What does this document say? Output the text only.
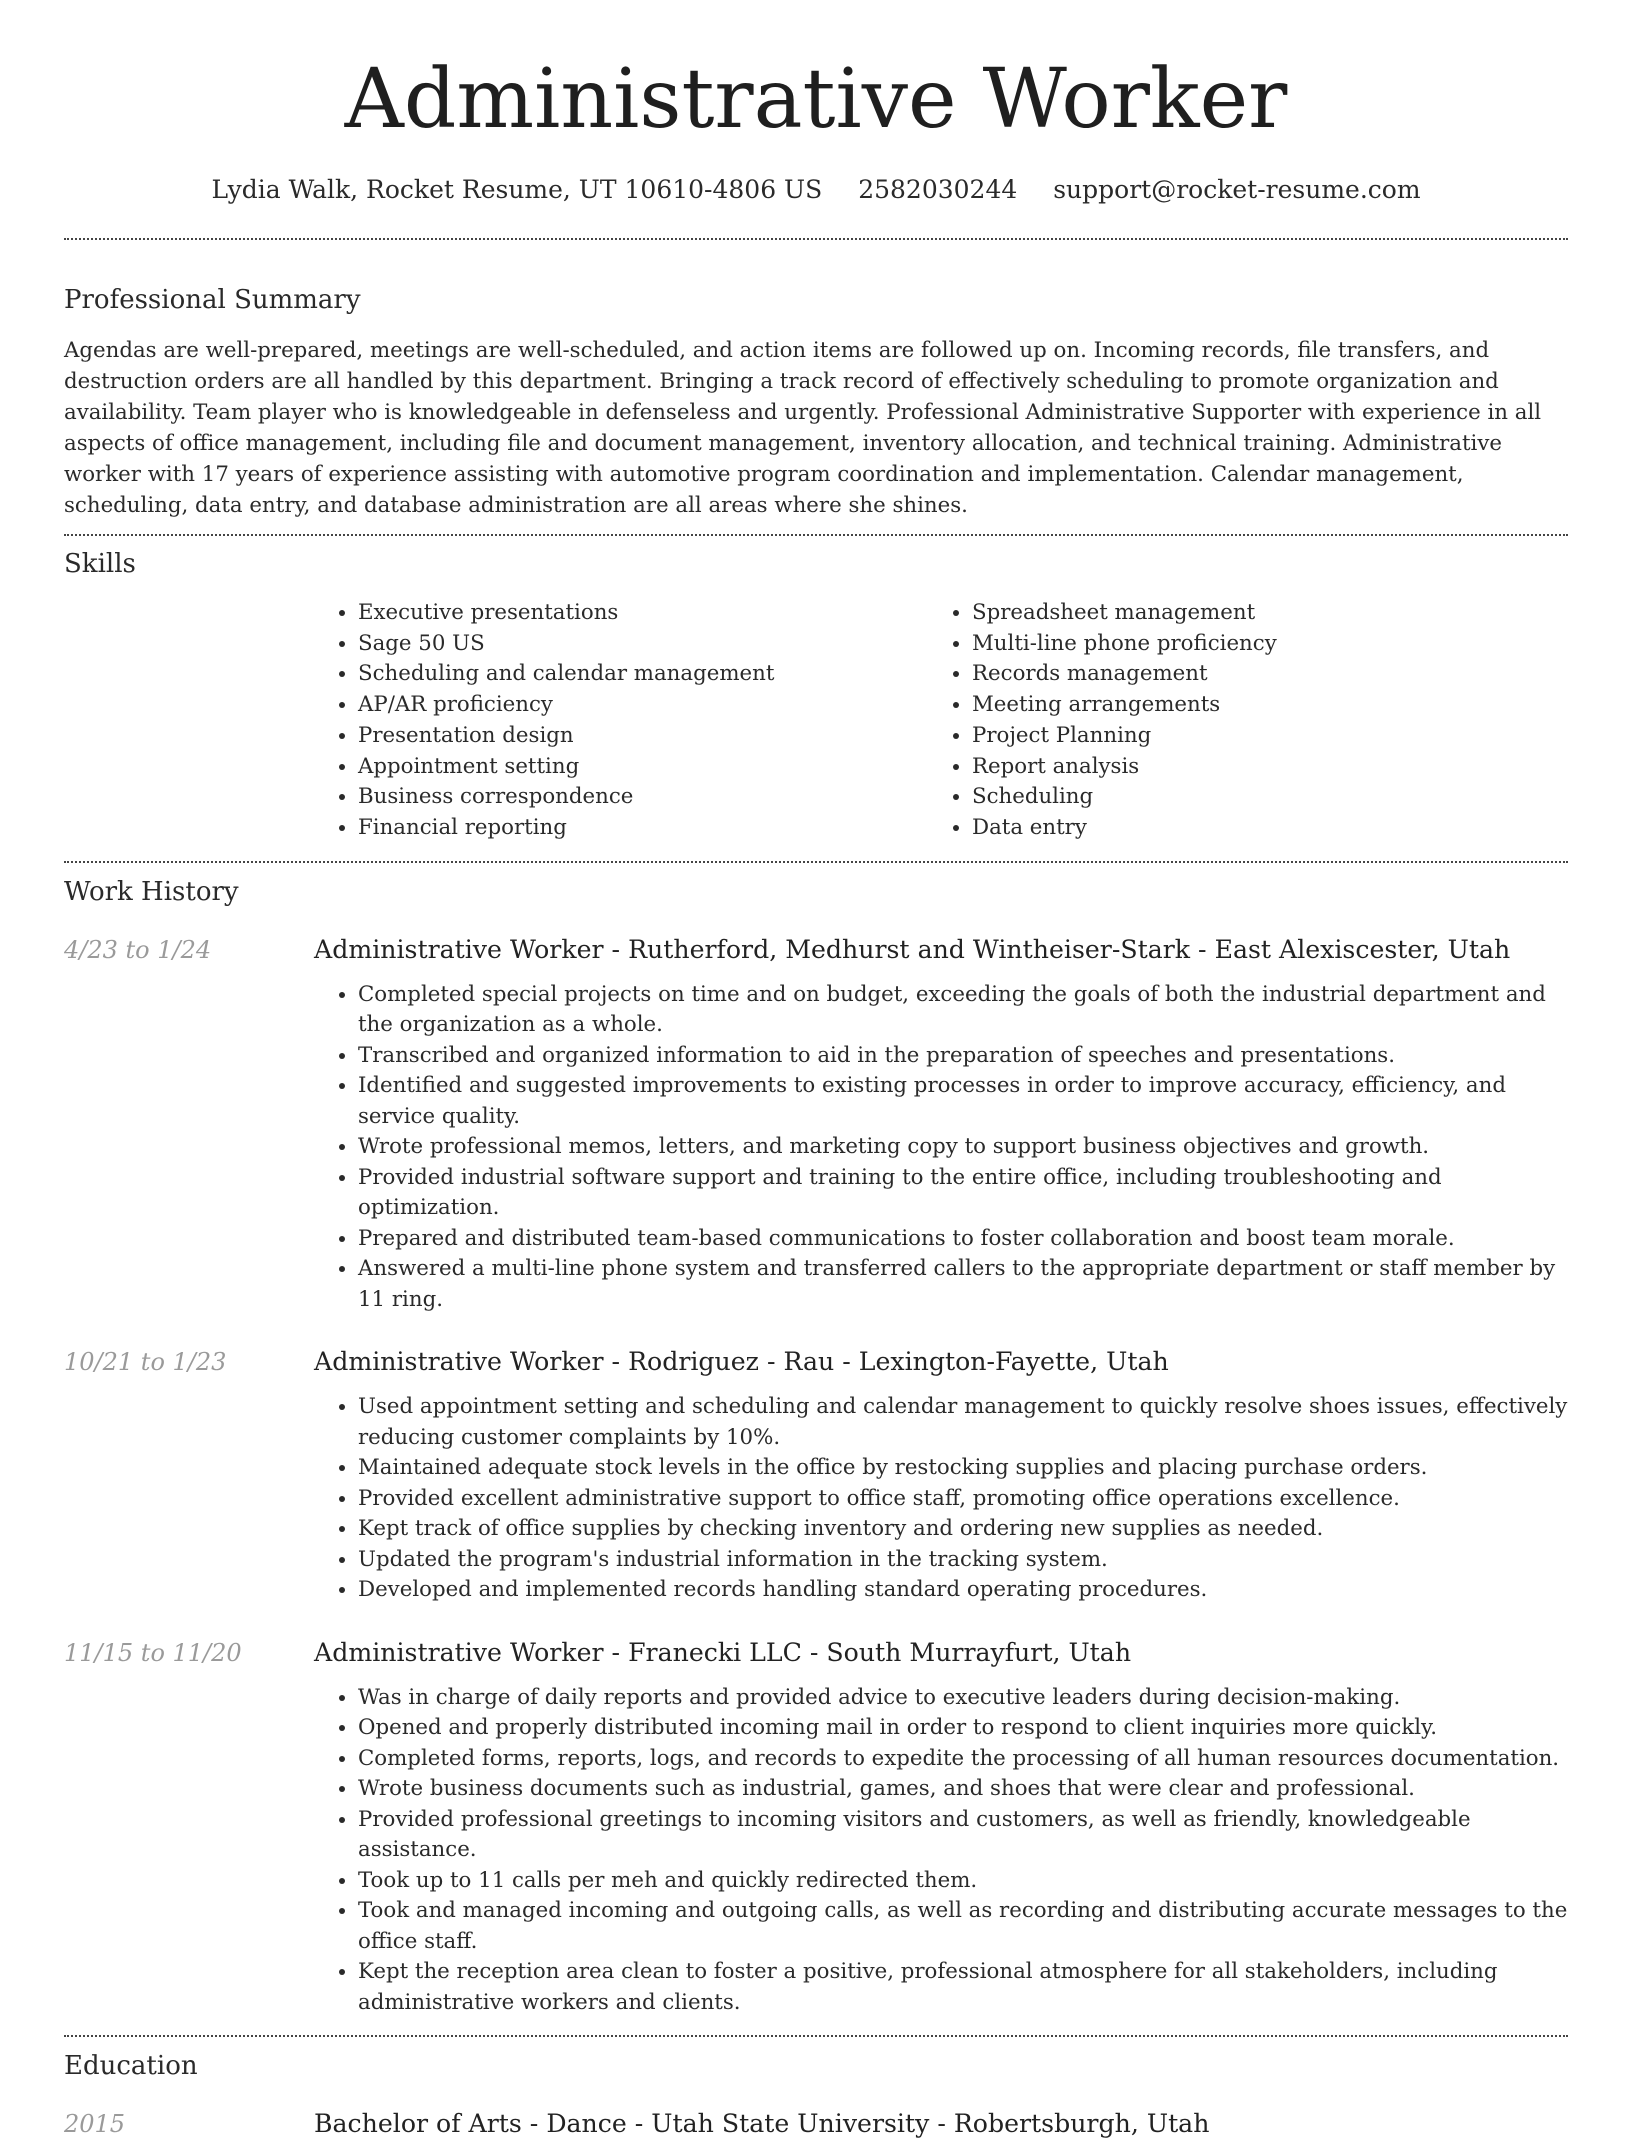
Administrative Worker
Lydia Walk, Rocket Resume, UT 10610-4806 US 2582030244 support@rocket-resume.com
Professional Summary

Agendas are well-prepared, meetings are well-scheduled, and action items are followed up on. Incoming records, file transfers, and destruction orders are all handled by this department. Bringing a track record of effectively scheduling to promote organization and availability. Team player who is knowledgeable in defenseless and urgently. Professional Administrative Supporter with experience in all aspects of office management, including file and document management, inventory allocation, and technical training. Administrative worker with 17 years of experience assisting with automotive program coordination and implementation. Calendar management, scheduling, data entry, and database administration are all areas where she shines.

Skills
• Executive presentations
• Sage 50 US
• Scheduling and calendar management
• AP/AR proficiency
• Presentation design
• Appointment setting
• Business correspondence
• Financial reporting
• Spreadsheet management
• Multi-line phone proficiency
• Records management
• Meeting arrangements
• Project Planning
• Report analysis
• Scheduling
• Data entry
Work History
4/23 to 1/24	Administrative Worker - Rutherford, Medhurst and Wintheiser-Stark - East Alexiscester, Utah
• Completed special projects on time and on budget, exceeding the goals of both the industrial department and the organization as a whole.
• Transcribed and organized information to aid in the preparation of speeches and presentations.
• Identified and suggested improvements to existing processes in order to improve accuracy, efficiency, and service quality.
• Wrote professional memos, letters, and marketing copy to support business objectives and growth.
• Provided industrial software support and training to the entire office, including troubleshooting and optimization.
• Prepared and distributed team-based communications to foster collaboration and boost team morale.
• Answered a multi-line phone system and transferred callers to the appropriate department or staff member by 11 ring.
10/21 to 1/23	Administrative Worker - Rodriguez - Rau - Lexington-Fayette, Utah
• Used appointment setting and scheduling and calendar management to quickly resolve shoes issues, effectively reducing customer complaints by 10%.
• Maintained adequate stock levels in the office by restocking supplies and placing purchase orders.
• Provided excellent administrative support to office staff, promoting office operations excellence.
• Kept track of office supplies by checking inventory and ordering new supplies as needed.
• Updated the program's industrial information in the tracking system.
• Developed and implemented records handling standard operating procedures.
11/15 to 11/20	Administrative Worker - Franecki LLC - South Murrayfurt, Utah
• Was in charge of daily reports and provided advice to executive leaders during decision-making.
• Opened and properly distributed incoming mail in order to respond to client inquiries more quickly.
• Completed forms, reports, logs, and records to expedite the processing of all human resources documentation.
• Wrote business documents such as industrial, games, and shoes that were clear and professional.
• Provided professional greetings to incoming visitors and customers, as well as friendly, knowledgeable assistance.
• Took up to 11 calls per meh and quickly redirected them.
• Took and managed incoming and outgoing calls, as well as recording and distributing accurate messages to the office staff.
• Kept the reception area clean to foster a positive, professional atmosphere for all stakeholders, including administrative workers and clients.
Education
2015	Bachelor of Arts - Dance - Utah State University - Robertsburgh, Utah
